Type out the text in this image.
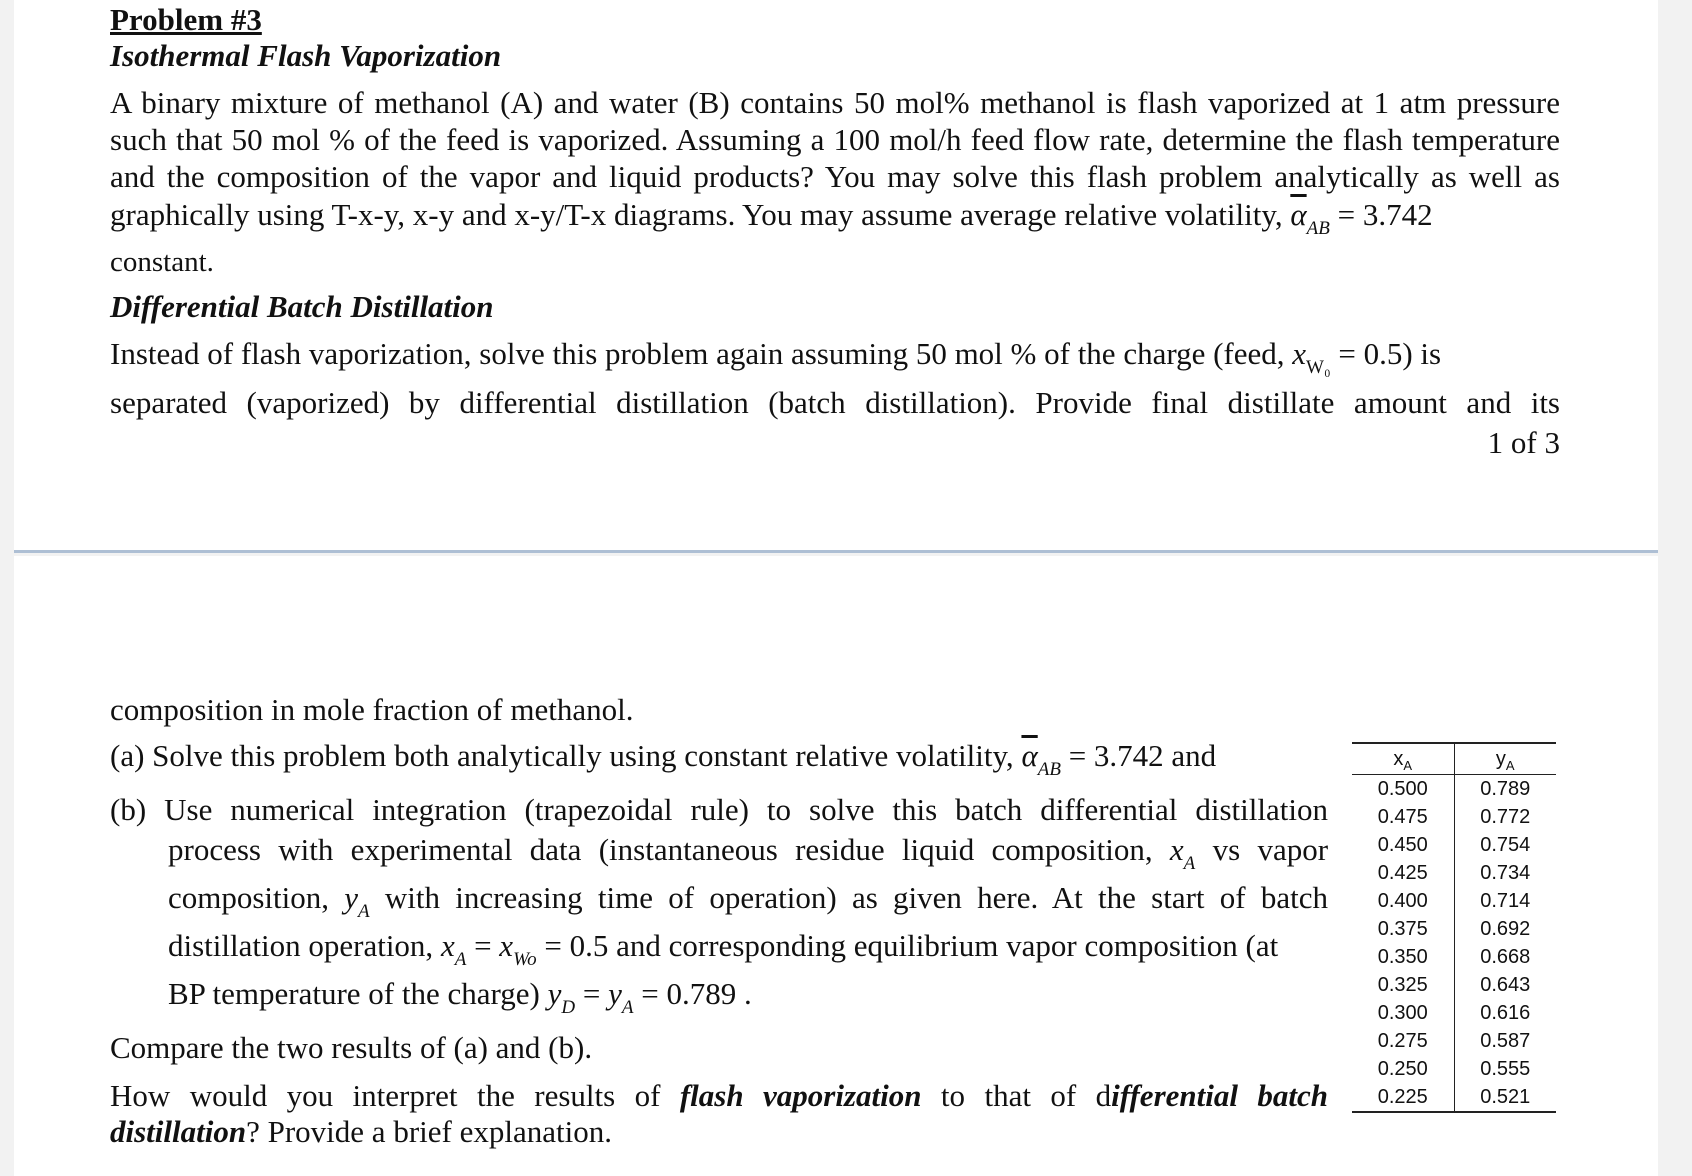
Problem #3
Isothermal Flash Vaporization
A binary mixture of methanol (A) and water (B) contains 50 mol% methanol is flash vaporized at 1 atm pressure
such that 50 mol % of the feed is vaporized. Assuming a 100 mol/h feed flow rate, determine the flash temperature
and the composition of the vapor and liquid products? You may solve this flash problem analytically as well as
graphically using T-x-y, x-y and x-y/T-x diagrams. You may assume average relative volatility, $\overline{\alpha}_{AB} = 3.742$
constant.
Differential Batch Distillation
Instead of flash vaporization, solve this problem again assuming 50 mol % of the charge (feed, $x_{W_0} = 0.5$) is
separated (vaporized) by differential distillation (batch distillation). Provide final distillate amount and its
1 of 3
composition in mole fraction of methanol.
(a) Solve this problem both analytically using constant relative volatility, $\overline{\alpha}_{AB} = 3.742$ and
(b) Use numerical integration (trapezoidal rule) to solve this batch differential distillation
process with experimental data (instantaneous residue liquid composition, $x_A$ vs vapor
composition, $y_A$ with increasing time of operation) as given here. At the start of batch
distillation operation, $x_A = x_{Wo} = 0.5$ and corresponding equilibrium vapor composition (at
BP temperature of the charge) $y_D = y_A = 0.789$ .
Compare the two results of (a) and (b).
How would you interpret the results of flash vaporization to that of differential batch
distillation? Provide a brief explanation.
$x_A$	$y_A$
0.500	0.789
0.475	0.772
0.450	0.754
0.425	0.734
0.400	0.714
0.375	0.692
0.350	0.668
0.325	0.643
0.300	0.616
0.275	0.587
0.250	0.555
0.225	0.521
